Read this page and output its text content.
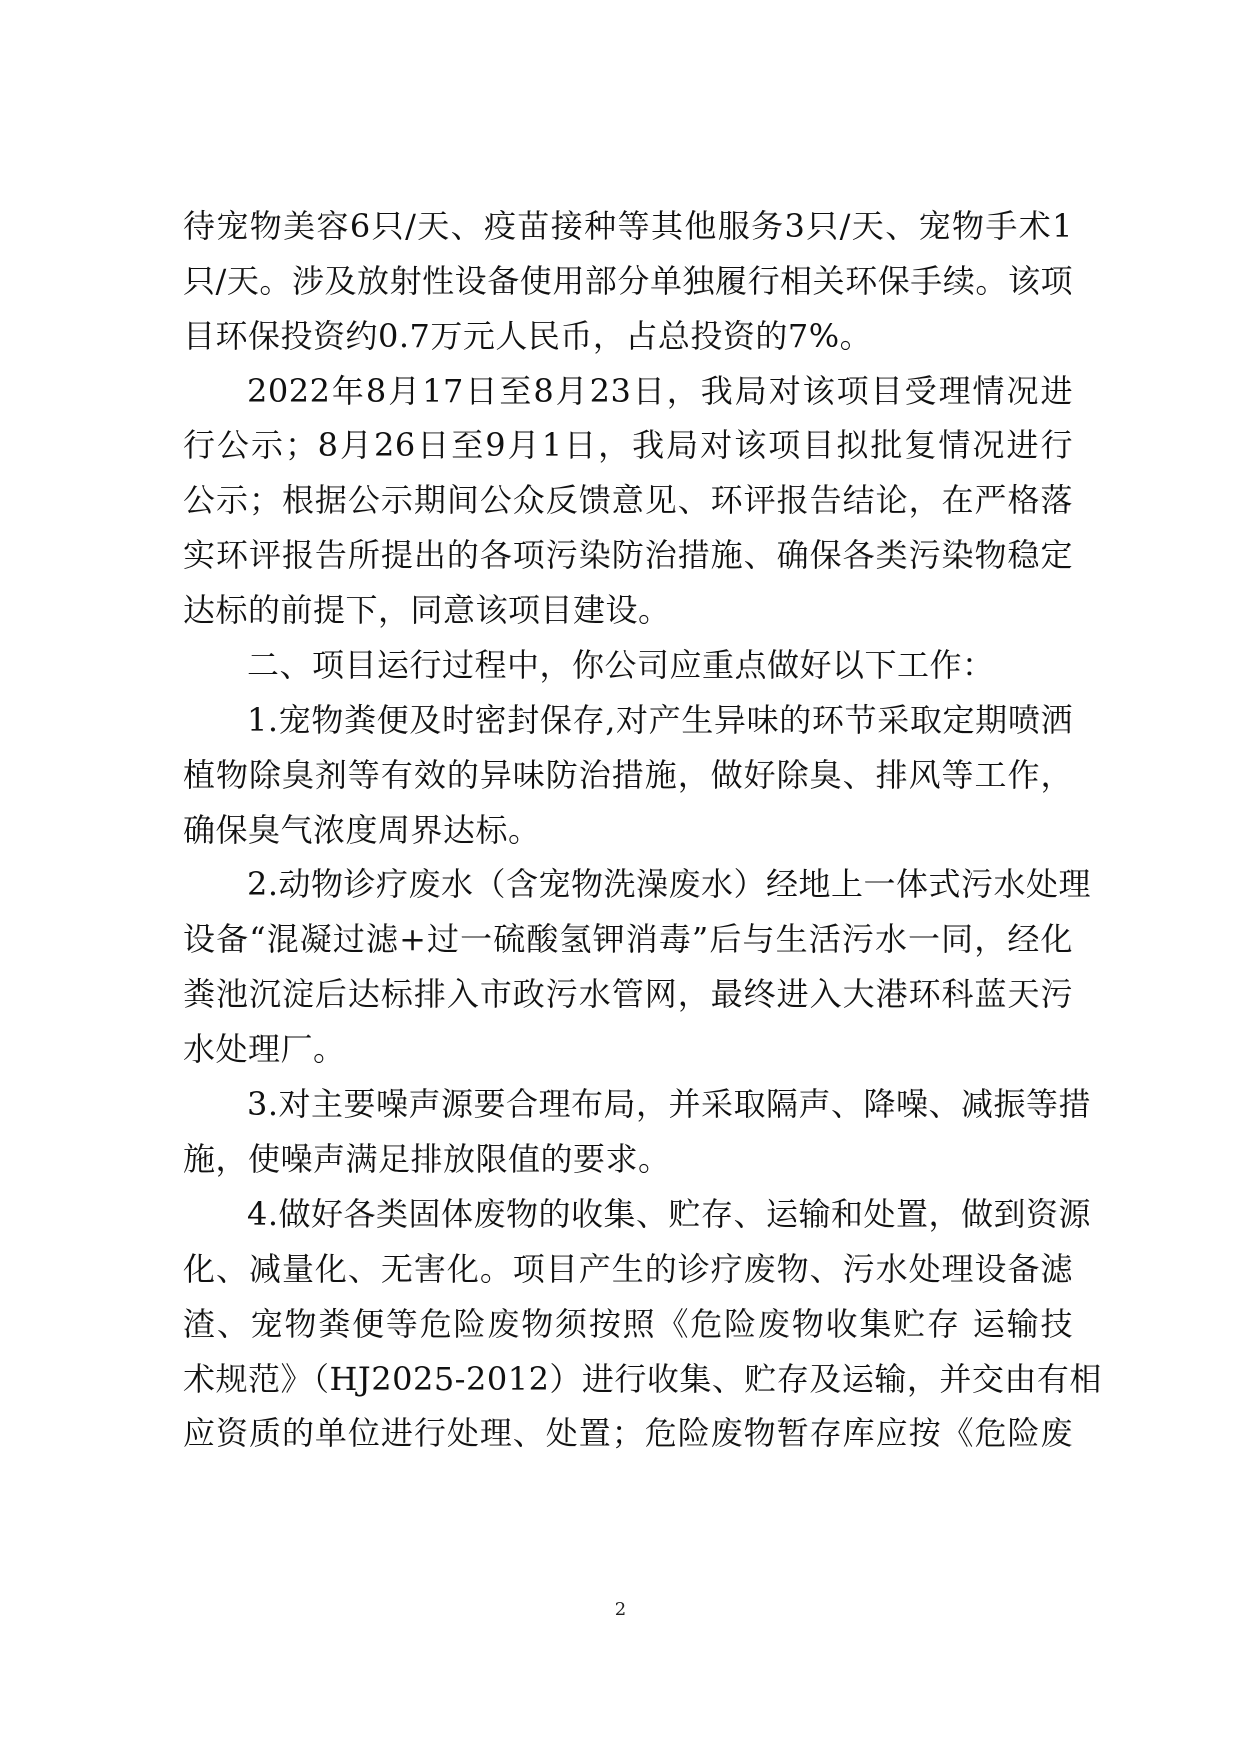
待宠物美容6只/天、疫苗接种等其他服务3只/天、宠物手术1
只/天。涉及放射性设备使用部分单独履行相关环保手续。该项
目环保投资约0.7万元人民币，占总投资的7%。
2022年8月17日至8月23日，我局对该项目受理情况进
行公示；8月26日至9月1日，我局对该项目拟批复情况进行
公示；根据公示期间公众反馈意见、环评报告结论，在严格落
实环评报告所提出的各项污染防治措施、确保各类污染物稳定
达标的前提下，同意该项目建设。
二、项目运行过程中，你公司应重点做好以下工作：
1.宠物粪便及时密封保存,对产生异味的环节采取定期喷洒
植物除臭剂等有效的异味防治措施，做好除臭、排风等工作，
确保臭气浓度周界达标。
2.动物诊疗废水（含宠物洗澡废水）经地上一体式污水处理
设备“混凝过滤+过一硫酸氢钾消毒”后与生活污水一同，经化
粪池沉淀后达标排入市政污水管网，最终进入大港环科蓝天污
水处理厂。
3.对主要噪声源要合理布局，并采取隔声、降噪、减振等措
施，使噪声满足排放限值的要求。
4.做好各类固体废物的收集、贮存、运输和处置，做到资源
化、减量化、无害化。项目产生的诊疗废物、污水处理设备滤
渣、宠物粪便等危险废物须按照《危险废物收集贮存 运输技
术规范》（HJ2025-2012）进行收集、贮存及运输，并交由有相
应资质的单位进行处理、处置；危险废物暂存库应按《危险废
2
